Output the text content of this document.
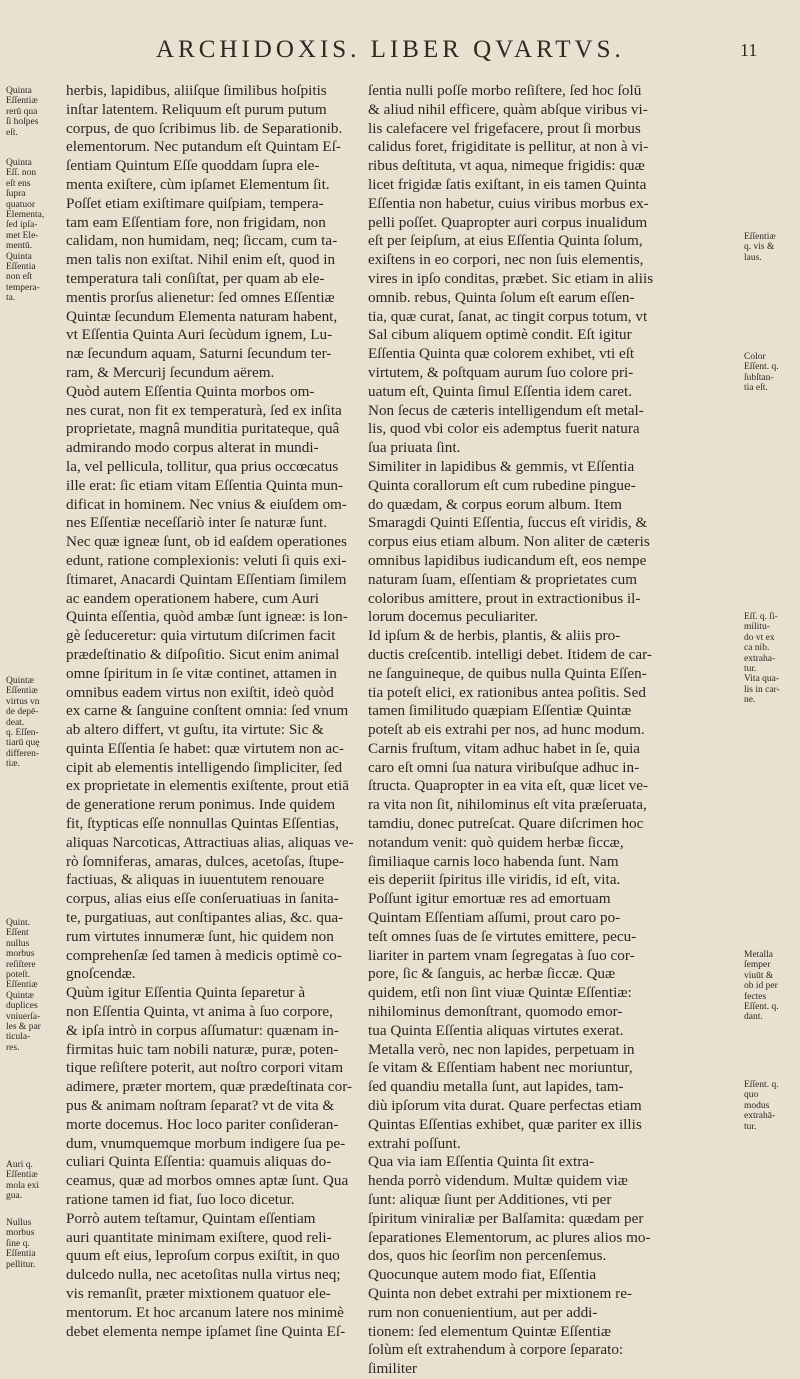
ARCHIDOXIS. LIBER QVARTVS.	11
herbis, lapidibus, aliiſque ſimilibus hoſpitis
inſtar latentem. Reliquum eſt purum putum
corpus, de quo ſcribimus lib. de Separationib.
elementorum. Nec putandum eſt Quintam Eſ-
ſentiam Quintum Eſſe quoddam ſupra ele-
menta exiſtere, cùm ipſamet Elementum ſit.
Poſſet etiam exiſtimare quiſpiam, tempera-
tam eam Eſſentiam fore, non frigidam, non
calidam, non humidam, neq; ſiccam, cum ta-
men talis non exiſtat. Nihil enim eſt, quod in
temperatura tali conſiſtat, per quam ab ele-
mentis prorſus alienetur: ſed omnes Eſſentiæ
Quintæ ſecundum Elementa naturam habent,
vt Eſſentia Quinta Auri ſecùdum ignem, Lu-
næ ſecundum aquam, Saturni ſecundum ter-
ram, & Mercurij ſecundum aërem.
Quòd autem Eſſentia Quinta morbos om-
nes curat, non fit ex temperaturà, ſed ex inſita
proprietate, magnâ munditia puritateque, quâ
admirando modo corpus alterat in mundi-
la, vel pellicula, tollitur, qua prius occœcatus
ille erat: ſic etiam vitam Eſſentia Quinta mun-
dificat in hominem. Nec vnius & eiuſdem om-
nes Eſſentiæ neceſſariò inter ſe naturæ ſunt.
Nec quæ igneæ ſunt, ob id eaſdem operationes
edunt, ratione complexionis: veluti ſi quis exi-
ſtimaret, Anacardi Quintam Eſſentiam ſimilem
ac eandem operationem habere, cum Auri
Quinta eſſentia, quòd ambæ ſunt igneæ: is lon-
gè ſeduceretur: quia virtutum diſcrimen facit
prædeſtinatio & diſpoſitio. Sicut enim animal
omne ſpiritum in ſe vitæ continet, attamen in
omnibus eadem virtus non exiſtit, ideò quòd
ex carne & ſanguine conſtent omnia: ſed vnum
ab altero differt, vt guſtu, ita virtute: Sic &
quinta Eſſentia ſe habet: quæ virtutem non ac-
cipit ab elementis intelligendo ſimpliciter, ſed
ex proprietate in elementis exiſtente, prout etiā
de generatione rerum ponimus. Inde quidem
fit, ſtypticas eſſe nonnullas Quintas Eſſentias,
aliquas Narcoticas, Attractiuas alias, aliquas ve-
rò ſomniferas, amaras, dulces, acetoſas, ſtupe-
factiuas, & aliquas in iuuentutem renouare
corpus, alias eius eſſe conſeruatiuas in ſanita-
te, purgatiuas, aut conſtipantes alias, &c. qua-
rum virtutes innumeræ ſunt, hic quidem non
comprehenſæ ſed tamen à medicis optimè co-
gnoſcendæ.
Quùm igitur Eſſentia Quinta ſeparetur à
non Eſſentia Quinta, vt anima à ſuo corpore,
& ipſa intrò in corpus aſſumatur: quænam in-
firmitas huic tam nobili naturæ, puræ, poten-
tique reſiſtere poterit, aut noſtro corpori vitam
adimere, præter mortem, quæ prædeſtinata cor-
pus & animam noſtram ſeparat? vt de vita &
morte docemus. Hoc loco pariter conſideran-
dum, vnumquemque morbum indigere ſua pe-
culiari Quinta Eſſentia: quamuis aliquas do-
ceamus, quæ ad morbos omnes aptæ ſunt. Qua
ratione tamen id fiat, ſuo loco dicetur.
Porrò autem teſtamur, Quintam eſſentiam
auri quantitate minimam exiſtere, quod reli-
quum eſt eius, leproſum corpus exiſtit, in quo
dulcedo nulla, nec acetoſitas nulla virtus neq;
vis remanſit, præter mixtionem quatuor ele-
mentorum. Et hoc arcanum latere nos minimè
debet elementa nempe ipſamet ſine Quinta Eſ-
ſentia nulli poſſe morbo reſiſtere, ſed hoc ſolū
& aliud nihil efficere, quàm abſque viribus vi-
lis calefacere vel frigefacere, prout ſi morbus
calidus foret, frigiditate is pellitur, at non à vi-
ribus deſtituta, vt aqua, nimeque frigidis: quæ
licet frigidæ ſatis exiſtant, in eis tamen Quinta
Eſſentia non habetur, cuius viribus morbus ex-
pelli poſſet. Quapropter auri corpus inualidum
eſt per ſeipſum, at eius Eſſentia Quinta ſolum,
exiſtens in eo corpori, nec non ſuis elementis,
vires in ipſo conditas, præbet. Sic etiam in aliis
omnib. rebus, Quinta ſolum eſt earum eſſen-
tia, quæ curat, ſanat, ac tingit corpus totum, vt
Sal cibum aliquem optimè condit. Eſt igitur
Eſſentia Quinta quæ colorem exhibet, vti eſt
virtutem, & poſtquam aurum ſuo colore pri-
uatum eſt, Quinta ſimul Eſſentia idem caret.
Non ſecus de cæteris intelligendum eſt metal-
lis, quod vbi color eis ademptus fuerit natura
ſua priuata ſint.
Similiter in lapidibus & gemmis, vt Eſſentia
Quinta corallorum eſt cum rubedine pingue-
do quædam, & corpus eorum album. Item
Smaragdi Quinti Eſſentia, ſuccus eſt viridis, &
corpus eius etiam album. Non aliter de cæteris
omnibus lapidibus iudicandum eſt, eos nempe
naturam ſuam, eſſentiam & proprietates cum
coloribus amittere, prout in extractionibus il-
lorum docemus peculiariter.
Id ipſum & de herbis, plantis, & aliis pro-
ductis creſcentib. intelligi debet. Itidem de car-
ne ſanguineque, de quibus nulla Quinta Eſſen-
tia poteſt elici, ex rationibus antea poſitis. Sed
tamen ſimilitudo quæpiam Eſſentiæ Quintæ
poteſt ab eis extrahi per nos, ad hunc modum.
Carnis fruſtum, vitam adhuc habet in ſe, quia
caro eſt omni ſua natura viribuſque adhuc in-
ſtructa. Quapropter in ea vita eſt, quæ licet ve-
ra vita non ſit, nihilominus eſt vita præſeruata,
tamdiu, donec putreſcat. Quare diſcrimen hoc
notandum venit: quò quidem herbæ ſiccæ,
ſimiliaque carnis loco habenda ſunt. Nam
eis deperiit ſpiritus ille viridis, id eſt, vita.
Poſſunt igitur emortuæ res ad emortuam
Quintam Eſſentiam aſſumi, prout caro po-
teſt omnes ſuas de ſe virtutes emittere, pecu-
liariter in partem vnam ſegregatas à ſuo cor-
pore, ſic & ſanguis, ac herbæ ſiccæ. Quæ
quidem, etſi non ſint viuæ Quintæ Eſſentiæ:
nihilominus demonſtrant, quomodo emor-
tua Quinta Eſſentia aliquas virtutes exerat.
Metalla verò, nec non lapides, perpetuam in
ſe vitam & Eſſentiam habent nec moriuntur,
ſed quandiu metalla ſunt, aut lapides, tam-
diù ipſorum vita durat. Quare perfectas etiam
Quintas Eſſentias exhibet, quæ pariter ex illis
extrahi poſſunt.
Qua via iam Eſſentia Quinta ſit extra-
henda porrò videndum. Multæ quidem viæ
ſunt: aliquæ ſiunt per Additiones, vti per
ſpiritum viniraliæ per Balſamita: quædam per
ſeparationes Elementorum, ac plures alios mo-
dos, quos hic ſeorſim non percenſemus.
Quocunque autem modo fiat, Eſſentia
Quinta non debet extrahi per mixtionem re-
rum non conuenientium, aut per addi-
tionem: ſed elementum Quintæ Eſſentiæ
ſolùm eſt extrahendum à corpore ſeparato:
ſimiliter
Quinta
Eſſentiæ
rerū qua
ſi hoſpes
eſt.
Quinta
Eſſ. non
eſt ens
ſupra
quatuor
Elementa,
ſed ipſa-
met Ele-
mentū.
Quinta
Eſſentia
non eſt
tempera-
ta.
Quintæ
Eſſentiæ
virtus vn
de depē-
deat.
q. Eſſen-
tiarū quę
differen-
tiæ.
Quint.
Eſſent
nullus
morbus
reſiſtere
poteſt.
Eſſentiæ
Quintæ
duplices
vniuerſa-
les & par
ticula-
res.
Auri q.
Eſſentiæ
mola exi
gua.
Nullus
morbus
ſine q.
Eſſentia
pellitur.
Eſſentiæ
q. vis &
laus.
Color
Eſſent. q.
ſubſtan-
tia eſt.
Eſſ. q. ſi-
militu-
do vt ex
ca nib.
extraha-
tur.
Vita qua-
lis in car-
ne.
Metalla
ſemper
viuūt &
ob id per
fectes
Eſſent. q.
dant.
Eſſent. q.
quo
modus
extrahā-
tur.
